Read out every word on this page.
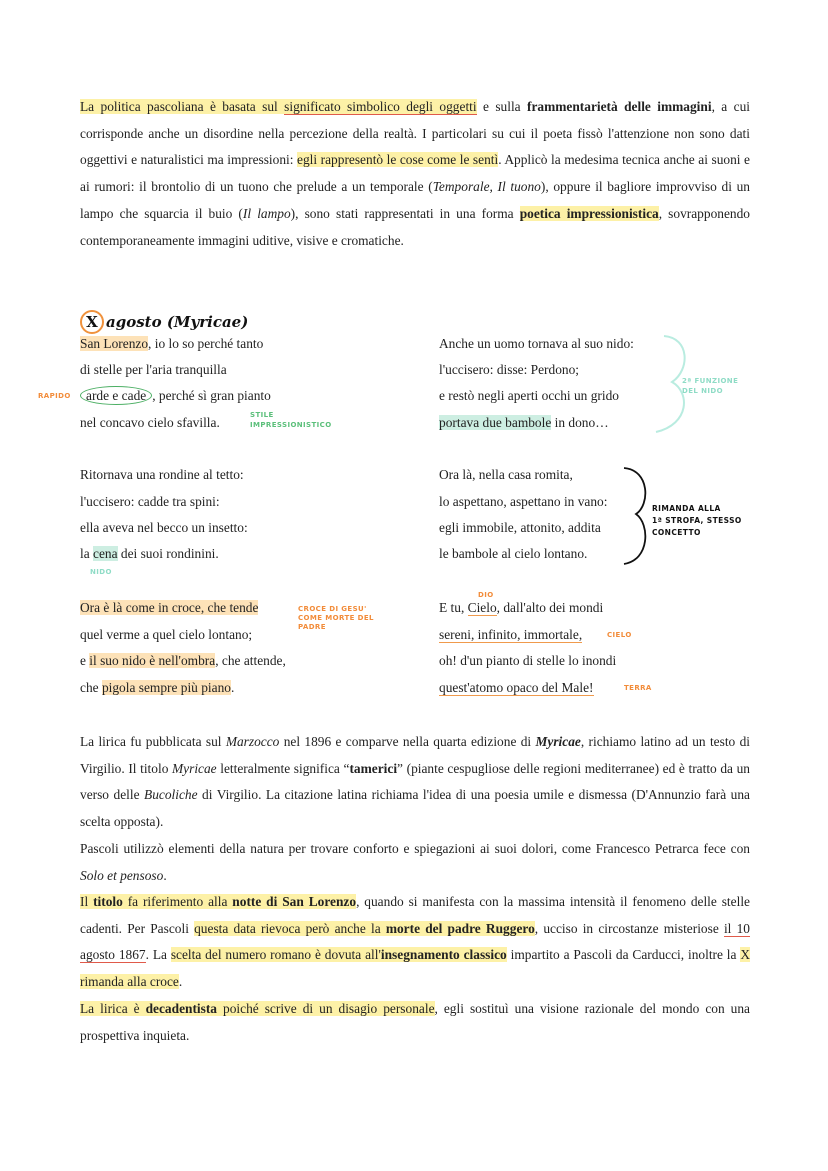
La politica pascoliana è basata sul significato simbolico degli oggetti e sulla frammentarietà delle immagini, a cui corrisponde anche un disordine nella percezione della realtà. I particolari su cui il poeta fissò l'attenzione non sono dati oggettivi e naturalistici ma impressioni: egli rappresentò le cose come le sentì. Applicò la medesima tecnica anche ai suoni e ai rumori: il brontolio di un tuono che prelude a un temporale (Temporale, Il tuono), oppure il bagliore improvviso di un lampo che squarcia il buio (Il lampo), sono stati rappresentati in una forma poetica impressionistica, sovrapponendo contemporaneamente immagini uditive, visive e cromatiche.

X agosto (Myricae)
San Lorenzo, io lo so perché tanto
di stelle per l'aria tranquilla
arde e cade , perché sì gran pianto
nel concavo cielo sfavilla.
Ritornava una rondine al tetto:
l'uccisero: cadde tra spini:
ella aveva nel becco un insetto:
la cena dei suoi rondinini.
Ora è là come in croce, che tende
quel verme a quel cielo lontano;
e il suo nido è nell'ombra, che attende,
che pigola sempre più piano.
Anche un uomo tornava al suo nido:
l'uccisero: disse: Perdono;
e restò negli aperti occhi un grido
portava due bambole in dono…
Ora là, nella casa romita,
lo aspettano, aspettano in vano:
egli immobile, attonito, addita
le bambole al cielo lontano.
E tu, Cielo, dall'alto dei mondi
sereni, infinito, immortale,
oh! d'un pianto di stelle lo inondi
quest'atomo opaco del Male!
RAPIDO
STILE
IMPRESSIONISTICO
NIDO
CROCE DI GESU'
COME MORTE DEL
PADRE
2ª FUNZIONE
DEL NIDO
RIMANDA ALLA
1ª STROFA, STESSO
CONCETTO
DIO
CIELO
TERRA

La lirica fu pubblicata sul Marzocco nel 1896 e comparve nella quarta edizione di Myricae, richiamo latino ad un testo di Virgilio. Il titolo Myricae letteralmente significa “tamerici” (piante cespugliose delle regioni mediterranee) ed è tratto da un verso delle Bucoliche di Virgilio. La citazione latina richiama l'idea di una poesia umile e dismessa (D'Annunzio farà una scelta opposta).

Pascoli utilizzò elementi della natura per trovare conforto e spiegazioni ai suoi dolori, come Francesco Petrarca fece con Solo et pensoso.

Il titolo fa riferimento alla notte di San Lorenzo, quando si manifesta con la massima intensità il fenomeno delle stelle cadenti. Per Pascoli questa data rievoca però anche la morte del padre Ruggero, ucciso in circostanze misteriose il 10 agosto 1867. La scelta del numero romano è dovuta all'insegnamento classico impartito a Pascoli da Carducci, inoltre la X rimanda alla croce.

La lirica è decadentista poiché scrive di un disagio personale, egli sostituì una visione razionale del mondo con una prospettiva inquieta.
